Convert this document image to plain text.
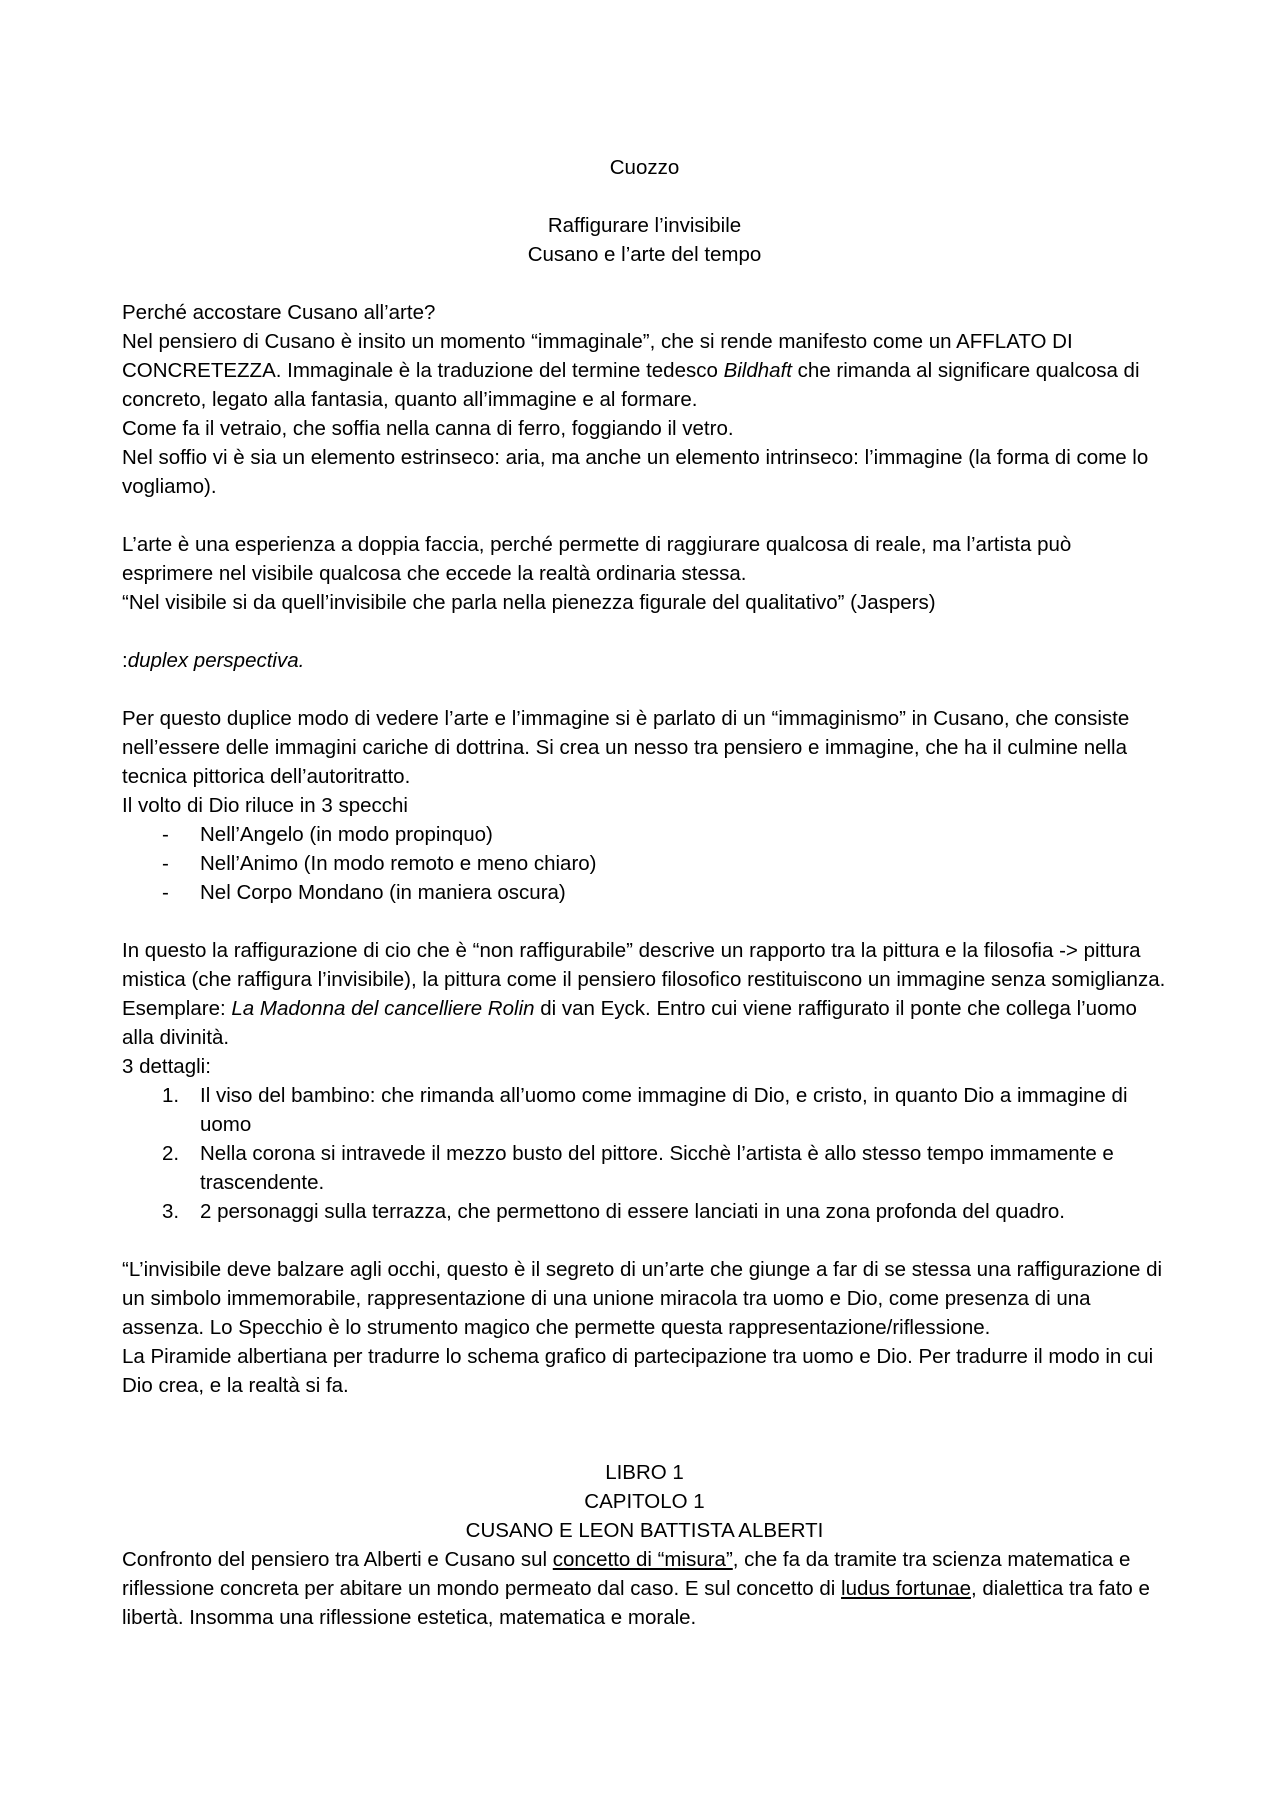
Cuozzo

Raffigurare l’invisibile

Cusano e l’arte del tempo

Perché accostare Cusano all’arte?

Nel pensiero di Cusano è insito un momento “immaginale”, che si rende manifesto come un AFFLATO DI CONCRETEZZA. Immaginale è la traduzione del termine tedesco Bildhaft che rimanda al significare qualcosa di concreto, legato alla fantasia, quanto all’immagine e al formare.

Come fa il vetraio, che soffia nella canna di ferro, foggiando il vetro.

Nel soffio vi è sia un elemento estrinseco: aria, ma anche un elemento intrinseco: l’immagine (la forma di come lo vogliamo).

L’arte è una esperienza a doppia faccia, perché permette di raggiurare qualcosa di reale, ma l’artista può esprimere nel visibile qualcosa che eccede la realtà ordinaria stessa.

“Nel visibile si da quell’invisibile che parla nella pienezza figurale del qualitativo” (Jaspers)

:duplex perspectiva.

Per questo duplice modo di vedere l’arte e l’immagine si è parlato di un “immaginismo” in Cusano, che consiste nell’essere delle immagini cariche di dottrina. Si crea un nesso tra pensiero e immagine, che ha il culmine nella tecnica pittorica dell’autoritratto.

Il volto di Dio riluce in 3 specchi

- Nell’Angelo (in modo propinquo)
- Nell’Animo (In modo remoto e meno chiaro)
- Nel Corpo Mondano (in maniera oscura)

In questo la raffigurazione di cio che è “non raffigurabile” descrive un rapporto tra la pittura e la filosofia -> pittura mistica (che raffigura l’invisibile), la pittura come il pensiero filosofico restituiscono un immagine senza somiglianza.

Esemplare: La Madonna del cancelliere Rolin di van Eyck. Entro cui viene raffigurato il ponte che collega l’uomo alla divinità.

3 dettagli:

1. Il viso del bambino: che rimanda all’uomo come immagine di Dio, e cristo, in quanto Dio a immagine di uomo
2. Nella corona si intravede il mezzo busto del pittore. Sicchè l’artista è allo stesso tempo immamente e trascendente.
3. 2 personaggi sulla terrazza, che permettono di essere lanciati in una zona profonda del quadro.

“L’invisibile deve balzare agli occhi, questo è il segreto di un’arte che giunge a far di se stessa una raffigurazione di un simbolo immemorabile, rappresentazione di una unione miracola tra uomo e Dio, come presenza di una assenza. Lo Specchio è lo strumento magico che permette questa rappresentazione/riflessione.

La Piramide albertiana per tradurre lo schema grafico di partecipazione tra uomo e Dio. Per tradurre il modo in cui Dio crea, e la realtà si fa.

LIBRO 1

CAPITOLO 1

CUSANO E LEON BATTISTA ALBERTI

Confronto del pensiero tra Alberti e Cusano sul concetto di “misura”, che fa da tramite tra scienza matematica e riflessione concreta per abitare un mondo permeato dal caso. E sul concetto di ludus fortunae, dialettica tra fato e libertà. Insomma una riflessione estetica, matematica e morale.
